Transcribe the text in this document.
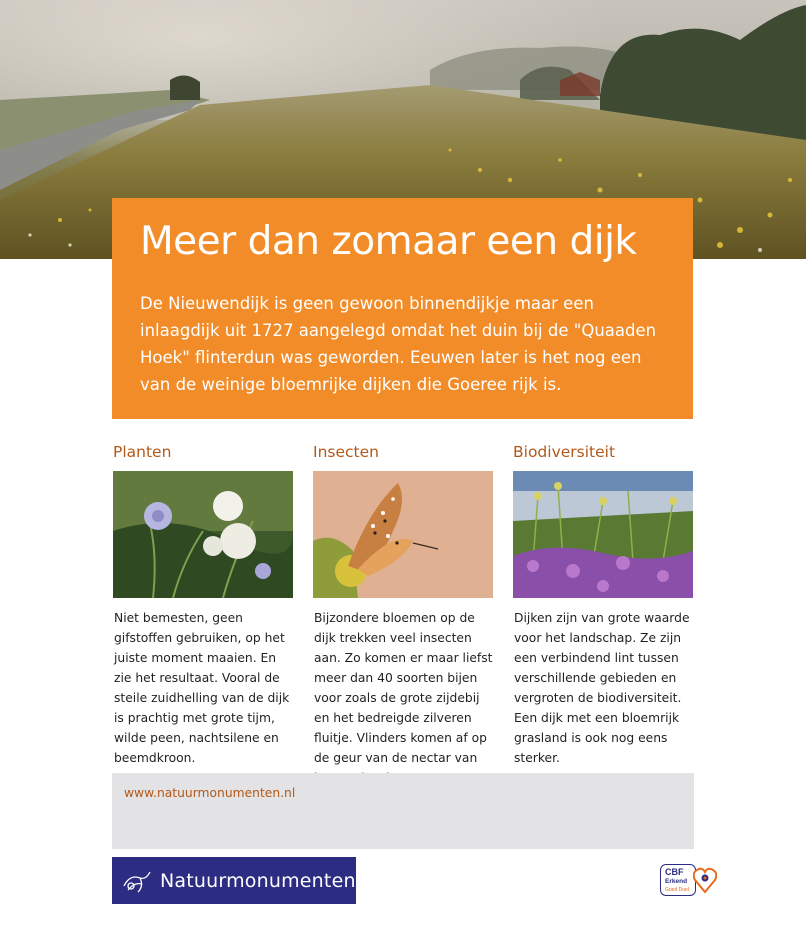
Meer dan zomaar een dijk

De Nieuwendijk is geen gewoon binnendijkje maar een inlaagdijk uit 1727 aangelegd omdat het duin bij de "Quaaden Hoek" flinterdun was geworden. Eeuwen later is het nog een van de weinige bloemrijke dijken die Goeree rijk is.

Planten

Niet bemesten, geen gifstoffen gebruiken, op het juiste moment maaien. En zie het resultaat. Vooral de steile zuidhelling van de dijk is prachtig met grote tijm, wilde peen, nachtsilene en beemdkroon.

Insecten

Bijzondere bloemen op de dijk trekken veel insecten aan. Zo komen er maar liefst meer dan 40 soorten bijen voor zoals de grote zijdebij en het bedreigde zilveren fluitje. Vlinders komen af op de geur van de nectar van

Biodiversiteit

Dijken zijn van grote waarde voor het landschap. Ze zijn een verbindend lint tussen verschillende gebieden en vergroten de biodiversiteit. Een dijk met een bloemrijk grasland is ook nog eens sterker.

www.natuurmonumenten.nl
Natuurmonumenten	CBF
Erkend
Goed Doel
